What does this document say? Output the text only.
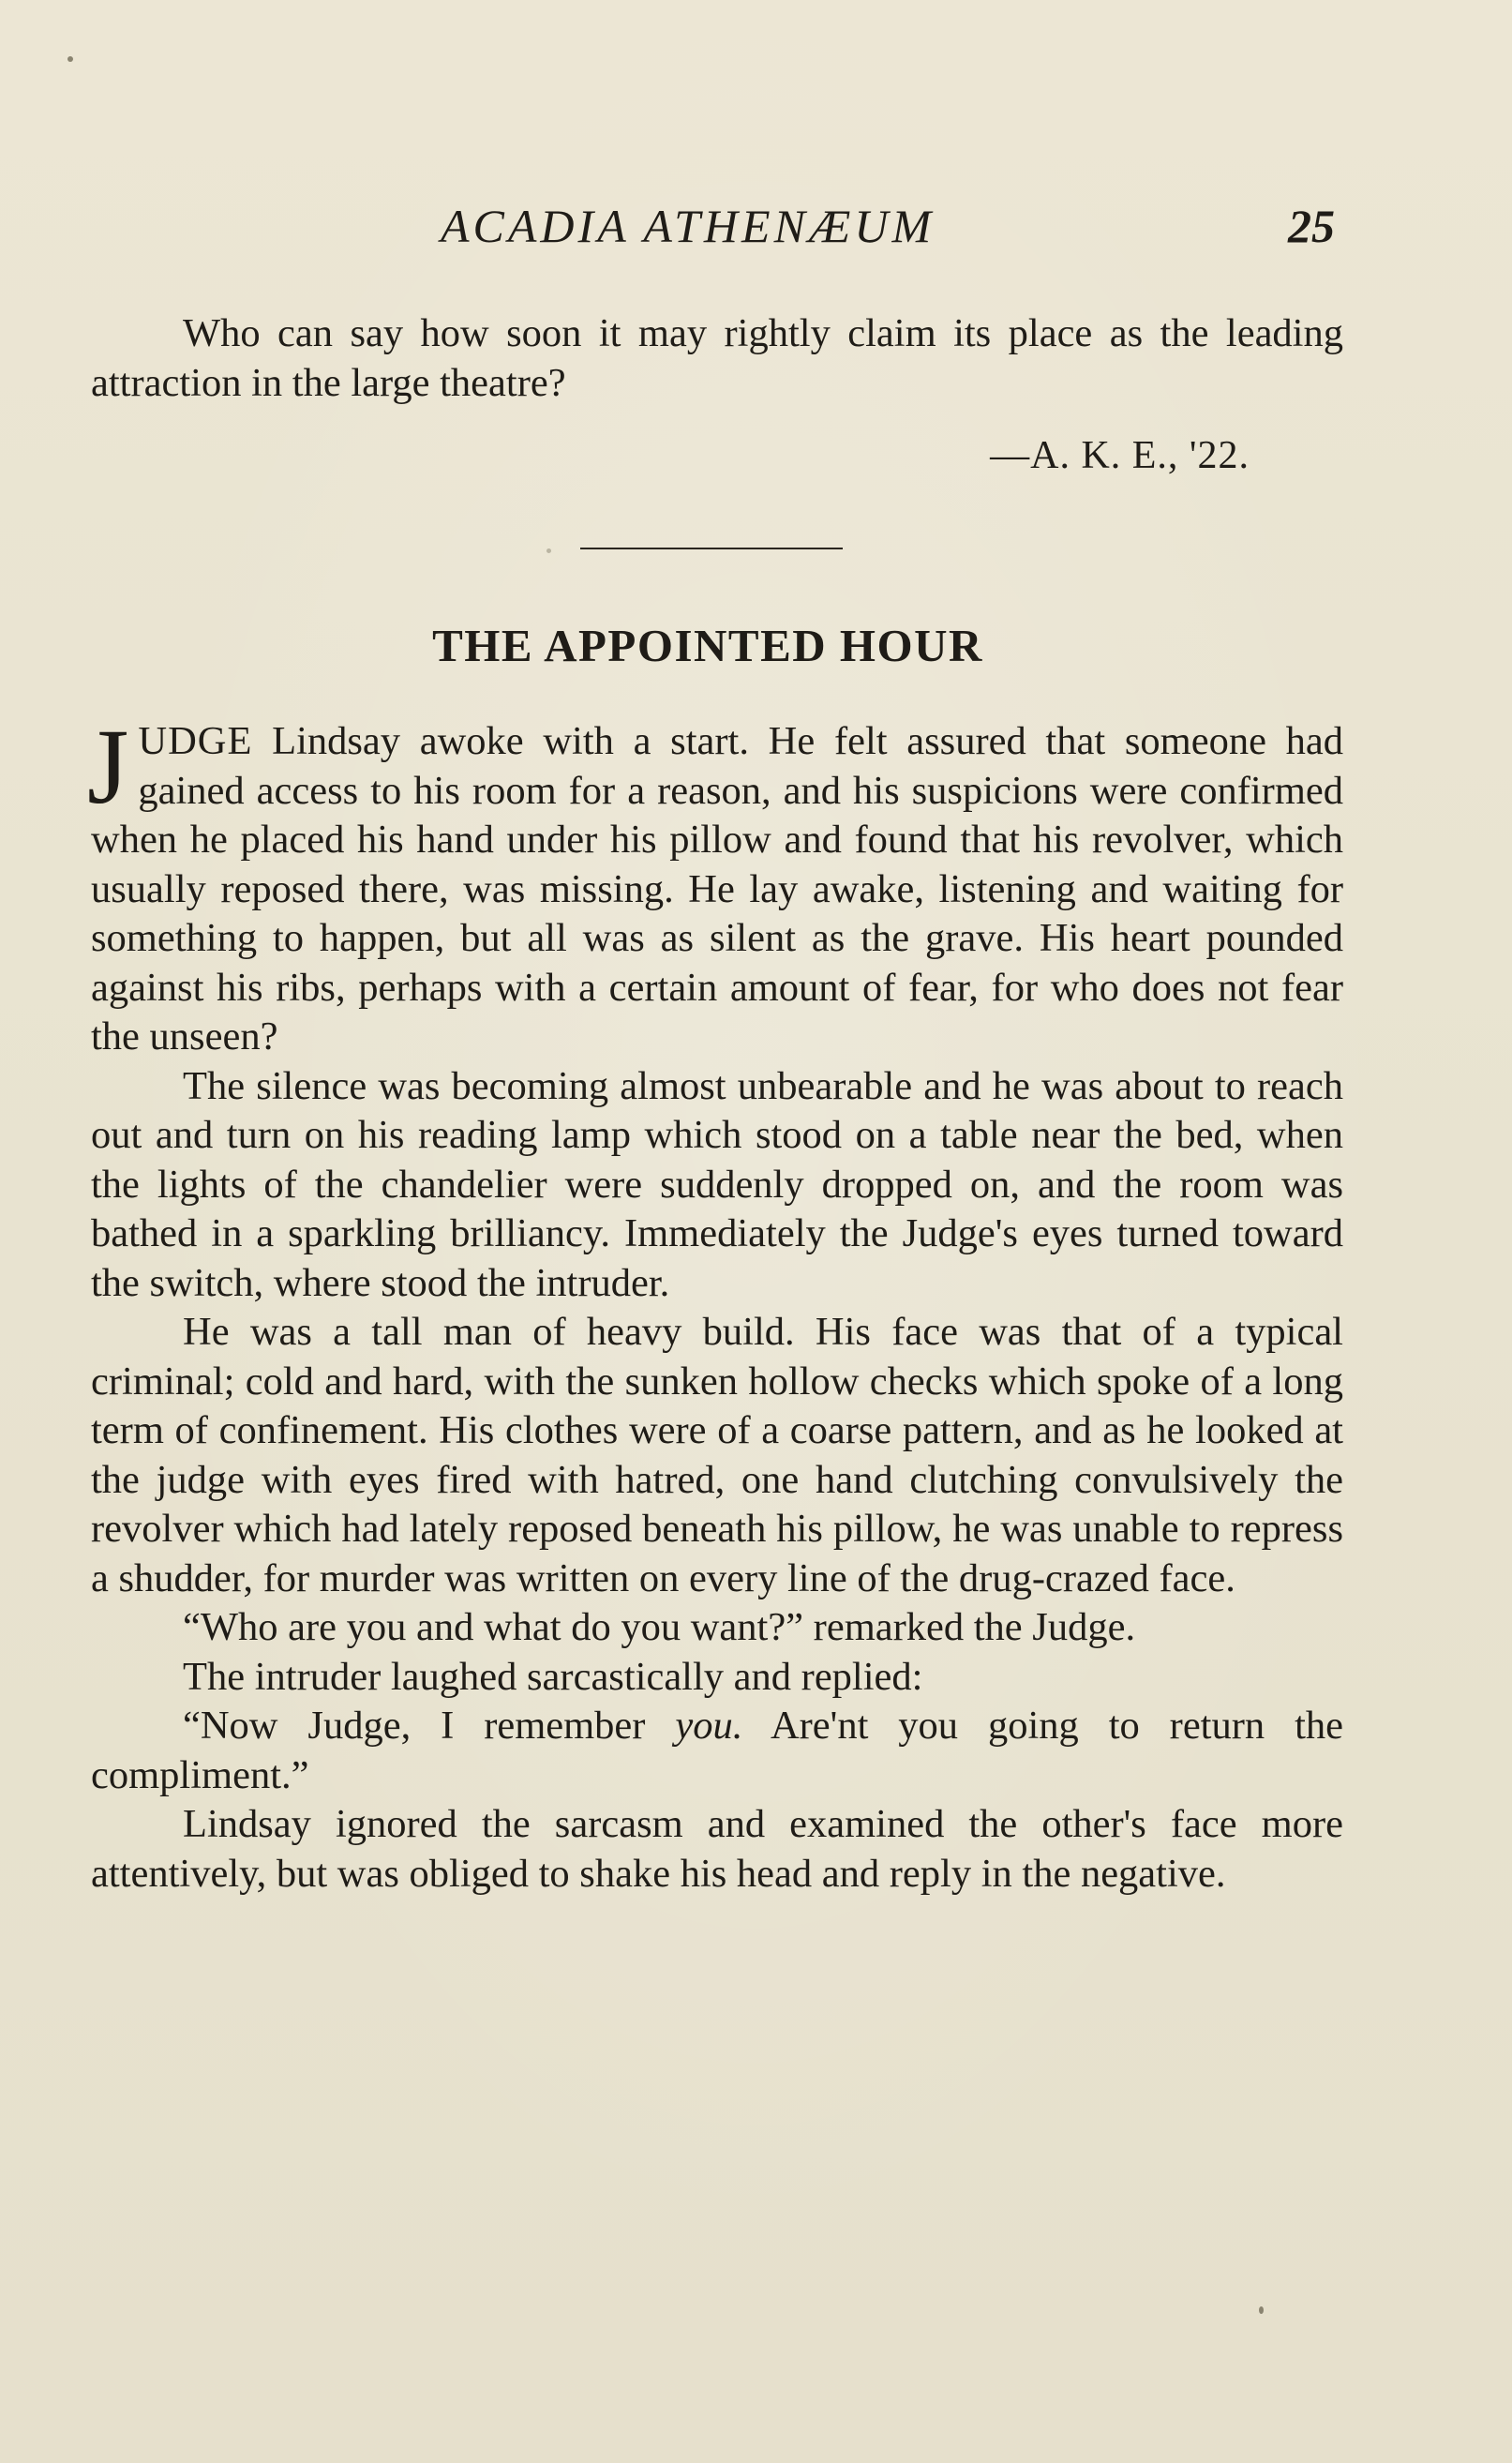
ACADIA ATHENÆUM	25

Who can say how soon it may rightly claim its place as the leading attraction in the large theatre?

—A. K. E., '22.
THE APPOINTED HOUR

JUDGE Lindsay awoke with a start. He felt assured that someone had gained access to his room for a reason, and his suspicions were confirmed when he placed his hand under his pillow and found that his revolver, which usually reposed there, was missing. He lay awake, listening and waiting for something to happen, but all was as silent as the grave. His heart pounded against his ribs, perhaps with a certain amount of fear, for who does not fear the unseen?

The silence was becoming almost unbearable and he was about to reach out and turn on his reading lamp which stood on a table near the bed, when the lights of the chandelier were suddenly dropped on, and the room was bathed in a sparkling brilliancy. Immediately the Judge's eyes turned toward the switch, where stood the intruder.

He was a tall man of heavy build. His face was that of a typical criminal; cold and hard, with the sunken hollow checks which spoke of a long term of confinement. His clothes were of a coarse pattern, and as he looked at the judge with eyes fired with hatred, one hand clutching convulsively the revolver which had lately reposed beneath his pillow, he was unable to repress a shudder, for murder was written on every line of the drug-crazed face.

“Who are you and what do you want?” remarked the Judge.

The intruder laughed sarcastically and replied:

“Now Judge, I remember you. Are'nt you going to return the compliment.”

Lindsay ignored the sarcasm and examined the other's face more attentively, but was obliged to shake his head and reply in the negative.
